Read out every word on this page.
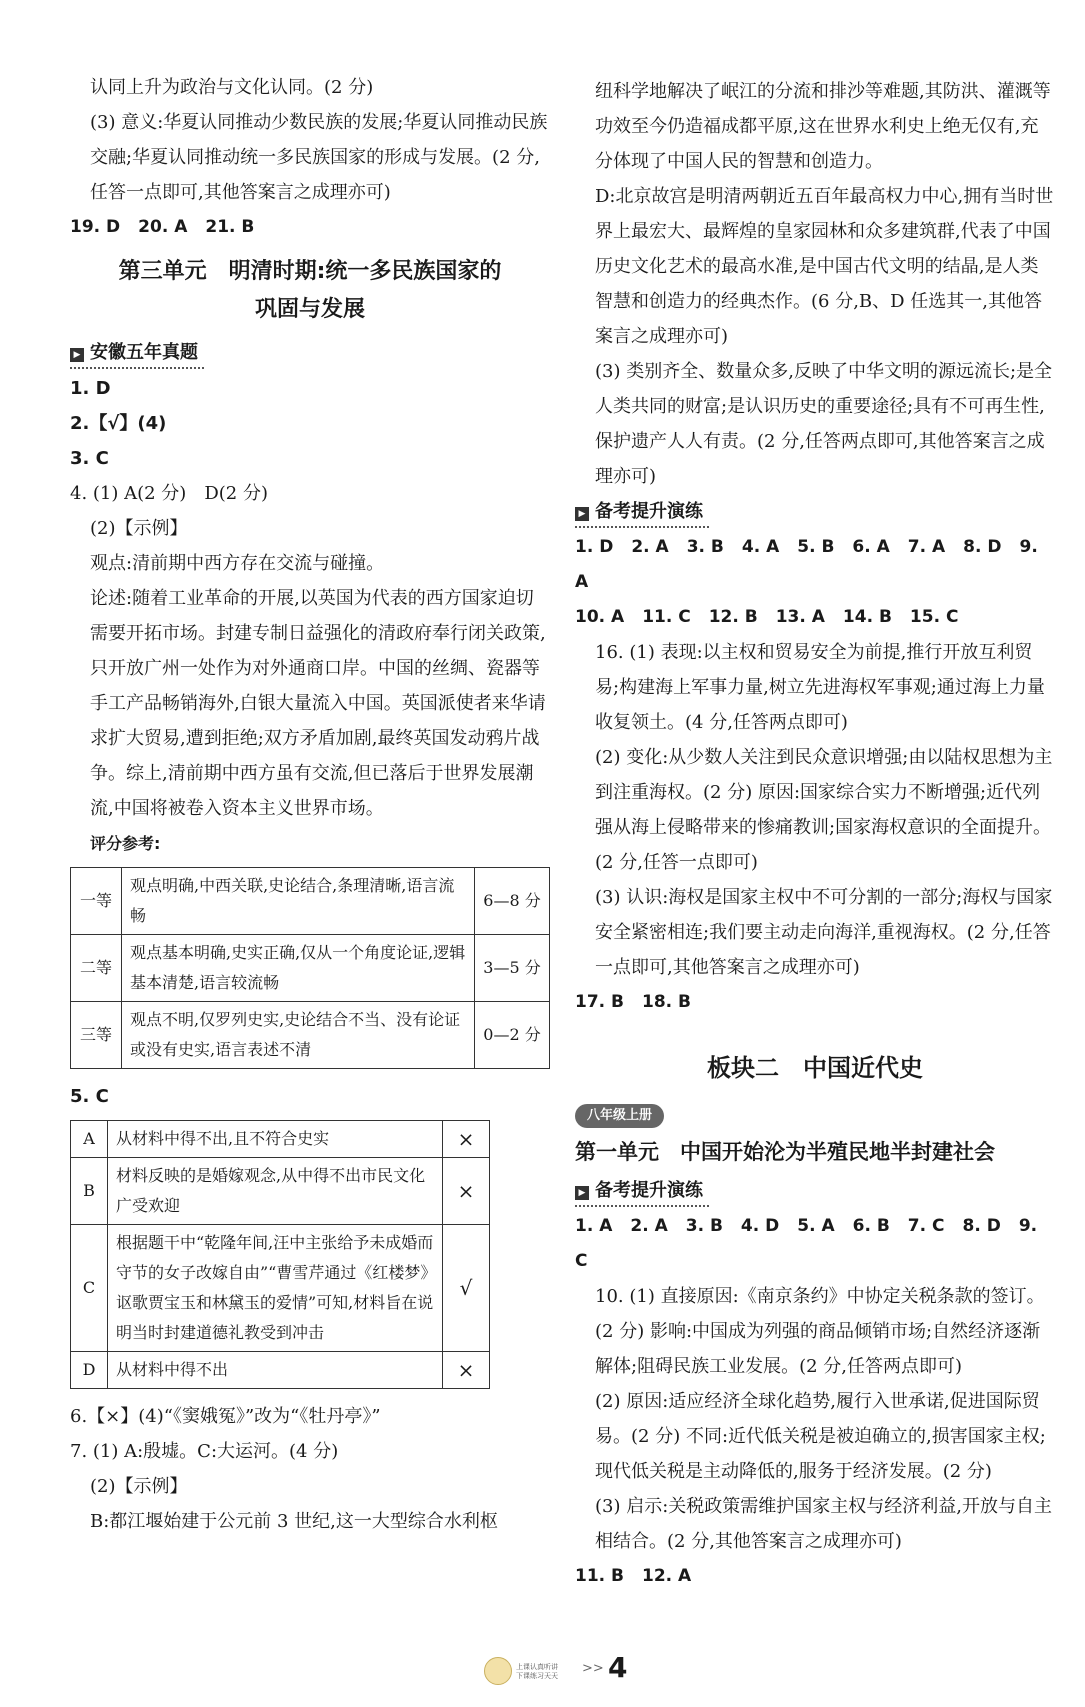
认同上升为政治与文化认同。(2 分)

(3) 意义:华夏认同推动少数民族的发展;华夏认同推动民族交融;华夏认同推动统一多民族国家的形成与发展。(2 分,任答一点即可,其他答案言之成理亦可)

19. D 20. A 21. B

第三单元　明清时期:统一多民族国家的
巩固与发展
▶ 安徽五年真题

1. D

2.【√】(4)

3. C

4. (1) A(2 分)　D(2 分)

(2)【示例】

观点:清前期中西方存在交流与碰撞。

论述:随着工业革命的开展,以英国为代表的西方国家迫切需要开拓市场。封建专制日益强化的清政府奉行闭关政策,只开放广州一处作为对外通商口岸。中国的丝绸、瓷器等手工产品畅销海外,白银大量流入中国。英国派使者来华请求扩大贸易,遭到拒绝;双方矛盾加剧,最终英国发动鸦片战争。综上,清前期中西方虽有交流,但已落后于世界发展潮流,中国将被卷入资本主义世界市场。

评分参考:

一等	观点明确,中西关联,史论结合,条理清晰,语言流畅	6—8 分
二等	观点基本明确,史实正确,仅从一个角度论证,逻辑基本清楚,语言较流畅	3—5 分
三等	观点不明,仅罗列史实,史论结合不当、没有论证或没有史实,语言表述不清	0—2 分

5. C

A	从材料中得不出,且不符合史实	×
B	材料反映的是婚嫁观念,从中得不出市民文化广受欢迎	×
C	根据题干中“乾隆年间,汪中主张给予未成婚而守节的女子改嫁自由”“曹雪芹通过《红楼梦》讴歌贾宝玉和林黛玉的爱情”可知,材料旨在说明当时封建道德礼教受到冲击	√
D	从材料中得不出	×

6.【×】(4)“《窦娥冤》”改为“《牡丹亭》”

7. (1) A:殷墟。C:大运河。(4 分)

(2)【示例】

B:都江堰始建于公元前 3 世纪,这一大型综合水利枢

纽科学地解决了岷江的分流和排沙等难题,其防洪、灌溉等功效至今仍造福成都平原,这在世界水利史上绝无仅有,充分体现了中国人民的智慧和创造力。

D:北京故宫是明清两朝近五百年最高权力中心,拥有当时世界上最宏大、最辉煌的皇家园林和众多建筑群,代表了中国历史文化艺术的最高水准,是中国古代文明的结晶,是人类智慧和创造力的经典杰作。(6 分,B、D 任选其一,其他答案言之成理亦可)

(3) 类别齐全、数量众多,反映了中华文明的源远流长;是全人类共同的财富;是认识历史的重要途径;具有不可再生性,保护遗产人人有责。(2 分,任答两点即可,其他答案言之成理亦可)

▶ 备考提升演练

1. D 2. A 3. B 4. A 5. B 6. A 7. A 8. D 9. A

10. A 11. C 12. B 13. A 14. B 15. C

16. (1) 表现:以主权和贸易安全为前提,推行开放互利贸易;构建海上军事力量,树立先进海权军事观;通过海上力量收复领土。(4 分,任答两点即可)

(2) 变化:从少数人关注到民众意识增强;由以陆权思想为主到注重海权。(2 分) 原因:国家综合实力不断增强;近代列强从海上侵略带来的惨痛教训;国家海权意识的全面提升。(2 分,任答一点即可)

(3) 认识:海权是国家主权中不可分割的一部分;海权与国家安全紧密相连;我们要主动走向海洋,重视海权。(2 分,任答一点即可,其他答案言之成理亦可)

17. B 18. B

板块二　中国近代史
八年级上册
第一单元　中国开始沦为半殖民地半封建社会
▶ 备考提升演练

1. A 2. A 3. B 4. D 5. A 6. B 7. C 8. D 9. C

10. (1) 直接原因:《南京条约》中协定关税条款的签订。(2 分) 影响:中国成为列强的商品倾销市场;自然经济逐渐解体;阻碍民族工业发展。(2 分,任答两点即可)

(2) 原因:适应经济全球化趋势,履行入世承诺,促进国际贸易。(2 分) 不同:近代低关税是被迫确立的,损害国家主权;现代低关税是主动降低的,服务于经济发展。(2 分)

(3) 启示:关税政策需维护国家主权与经济利益,开放与自主相结合。(2 分,其他答案言之成理亦可)

11. B 12. A

上课认真听讲
下课练习天天 >> 4
